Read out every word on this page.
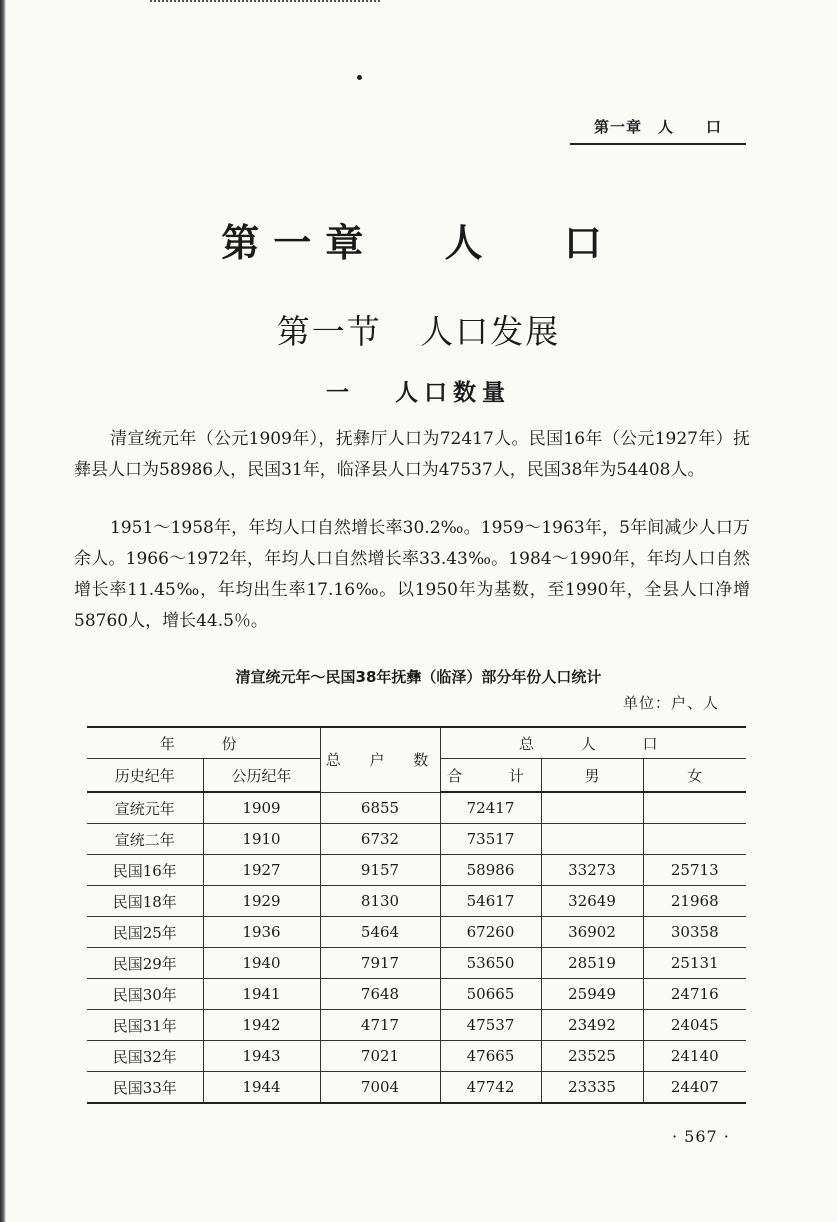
第一章　人　　口
第一章 人 口
第一节 人口发展
一 人口数量
清宣统元年（公元1909年），抚彝厅人口为72417人。民国16年（公元1927年）抚彝县人口为58986人，民国31年，临泽县人口为47537人，民国38年为54408人。
1951～1958年，年均人口自然增长率30.2‰。1959～1963年，5年间减少人口万余人。1966～1972年，年均人口自然增长率33.43‰。1984～1990年，年均人口自然增长率11.45‰，年均出生率17.16‰。以1950年为基数，至1990年，全县人口净增58760人，增长44.5％。
清宣统元年～民国38年抚彝（临泽）部分年份人口统计
单位：户、人
年 份		总 户 数	总 人 口		
历史纪年	公历纪年		合 计	男	女
宣统元年	1909	6855	72417		
宣统二年	1910	6732	73517		
民国16年	1927	9157	58986	33273	25713
民国18年	1929	8130	54617	32649	21968
民国25年	1936	5464	67260	36902	30358
民国29年	1940	7917	53650	28519	25131
民国30年	1941	7648	50665	25949	24716
民国31年	1942	4717	47537	23492	24045
民国32年	1943	7021	47665	23525	24140
民国33年	1944	7004	47742	23335	24407
· 567 ·
